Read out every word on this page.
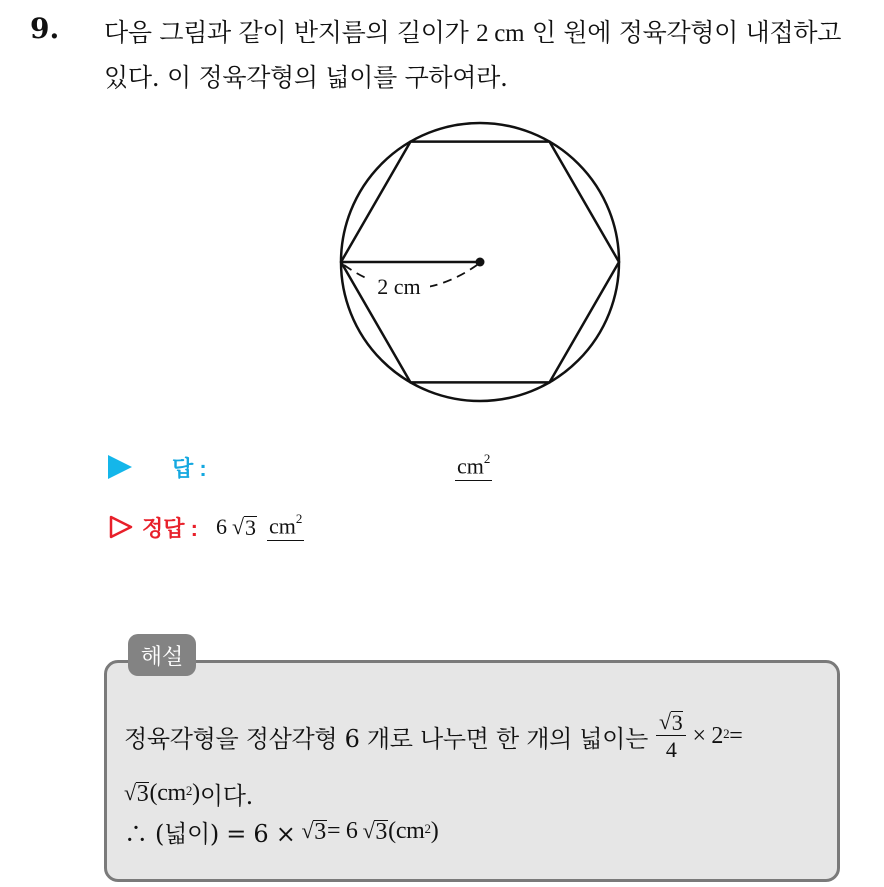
9. 다음 그림과 같이 반지름의 길이가 2 cm 인 원에 정육각형이 내접하고
있다. 이 정육각형의 넓이를 구하여라.
2 cm
답 :	$cm^2$
정답 : 6 √ 3 $cm^2$
해설
정육각형을 정삼각형 6 개로 나누면 한 개의 넓이는 $\frac{√ 3}{4} \times 2^2$ =
√ 3 ( $cm^2$ ) 이다.
∴ (넓이) = 6 × √ 3 = 6 √ 3 ( $cm^2$ )
